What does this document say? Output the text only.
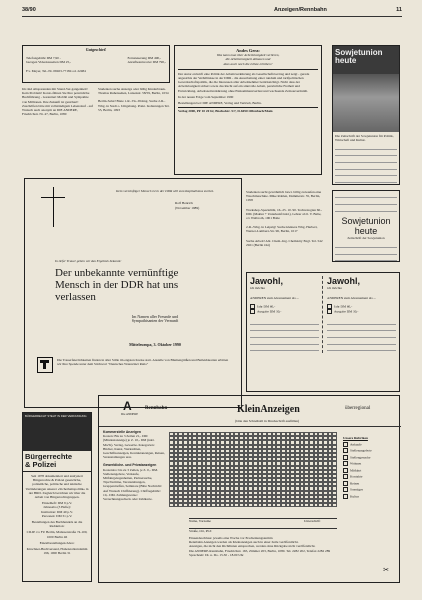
38/90	Anzeigen/Rennbahn	11
Gutgeschiet!
Telefongebühr DM 7,90 -
bezogen Videokassetten DM 25,-
Fernsteuerung DM 490,-
Anrufbeantworter DM 790,-
F.v. Meyer, Tel.-Nr. 06923-77184 od. 22484
Im rind Altsparenden mit Stand-Ver-gangenheit! Kein Problem! Konto-führen Sie Ihre persönliche Buchführung - Garantiert Mobbil und Sympathie von Millionen. Ihre Zukunft ist gesichert! Zuschriften bitte mit vollständigem Lebenslauf - auf Wunsch auch anonym an DIE ANDERE, Friedrichstr. Nr. 47, Berlin, 1080
Studenten suche Anzeiga oder billig Kinderbrauk. Thomas Ruhensehen, Luisenstr. 58/59, Berlin, 1034
Berlin-Salut! Biete 1-R.-Vk.-Wohng. Suche 2-R.-Whg. in Stadt o. Umgebung. Prakt. Isolierungen Tel. 55, Berlin, 1093
Andes Gera:
Was kann man über Arbeitslosigkeit verlieren,
die Arbeitslosigkeit abbauen und
dass auch noch die Löhne erhöhen?
Der Autor entwirft eine Politik der Arbeitsverkürzung als Gesellschaftsvertrag und zeigt - gerade angesichts der Verhältnisse in der DDR - die Ausarbeitung einer rundum und tarifpolitischen Gewerkschaftspolitik, die die Interessen aller Arbeitnehmer berücksichtigt. Nicht dass der Arbeitslosigkeit sichert sowie das Recht auf ein sinnvolle Arbeit, persönliche Freiheit und Entwicklung. Arbeitszeitverkürzung ohne Einkommensverlust und wachsende Zeitsouveränität.
In der neuen Folge vom September 1990
Bestellungen bei: DIE ANDERE, Verlag und Vertrieb, Berlin.
Verlag 2000, PF 10 20 62, Bischofstr. 5/7, D-6050 Offenbach/Main
Sowjetunion heute
Die Zeitschrift der Sowjetunion für Politik, Wirtschaft und Kultur.
Studenten sucht gewöhnlich bewi. billig zu kaufen eine Waschmaschine. Mike Rohlen, Dammerstr. 35, Berlin, 1058
Workshop-Spezialität, 16.-25. 10. 90. Technologien 60.- DM. (Makler + Unterkunft inkl.), Lehrer ab 6. V. Balte, c/o Walbroth, 1901 Balte
2-R.-Whg. in Leipzig! Suche kleinere Whg. Herbert, Werner-Lamberz-Str. 96, Berlin, 1017
Suche Arbeit! Abt. Chem.-Ing. Chemistry Engl. Tel. 542 2921 (Berlin Ost)
Sowjetunion heute
Zeitschrift der Sowjetunion
Kein vernünftiger Mensch ist in der DDR will zum Kapitalismus zurück.
Rolf Henrich
(November 1989)
In tiefer Trauer geben wir das Ergebnis bekannt:
Der unbekannte vernünftige
Mensch in der DDR hat uns
verlassen
Im Namen aller Freunde und
Sympathisanten der Vernunft
Mitteleuropa, 3. Oktober 1990
Die Trauerfeierlichkeiten finden in aller Stille im engsten Kreise statt. Anstelle von Blumengrüßen und Beileidskarten erbitten wir Ihre Spende unter dem Stichwort "Deutsches Waterzinzt Ratio"
Jawohl,
ich möchte
ANDEREN zum Abonnement als ...
Jahr DM 60,-
Ausgabe DM 30,-
Jawohl,
ich möchte
ANDEREN zum Abonnement als ...
Jahr DM 60,-
Ausgabe DM 30,-
BÜRGERRECHT STEHT IN DER VERFASSUNG
Bürgerrechte
& Polizei
Seit 1978 dokumentiert und analysiert Bürgerrechte & Polizei gesetzliche, polizeiliche, politische und taktische Veränderungen unserer »Sicherheitspolitik« in der BRD. Zugleich berichten wir über die Arbeit von Bürgerrechtsgruppen.
Einzelheft: DM 9 p.V.
Jahresabo (3 Hefte):
Institution: DM 40 p.V.
Personen: DM 31 p.V.
Bestellungen des Buchhandels an die Redaktion:
CILIP c/o FU Berlin, Malteserstraße 74-100, 1000 Berlin 46
Einzelbestellungen/Abos:
Kirschner-Buchversand, Hohenzollerndamm 196, 1000 Berlin 31
A
Die ANDERE
Rennbahn	KleinAnzeigen	überregional
(bitte den Schreibstil in Druckschrift ausfüllen)
Kommerzielle Anzeigen
Kosten: Bis zu 3 Zeilen 21,- DM (Mindestanzeige) je Z. 10,- DM (inkl. MwSt). Verlag, Gewerbe. Kategorien: Bücher, Kunst, Werkstätten, Geschäftsanzeigen, Kontaktanzeigen, Reisen, Veranstaltungen usw.
Gewerbliche- und Privatanzeigen
Kostenlos: bis zu 3 Zeilen, je Z. 0,- DM. Stellenangebote, Verkaufe, Mitfahrgelegenheiten, Partnersuche, Tips/Termine, Veranstaltungen, Gruppentreffen, Seminare (Bitte Nachricht: Auf Wunsch Chiffrierung). Chiffregebühr: 10,- DM. Zahlungsweise: Verrechnungsscheck oder Zahlkarte.
Name, Vorname	Unterschrift
Straße, Ort, PLZ
Einsendeschluss: jeweils eine Woche vor Erscheinungstermin
Rennbahn Anzeigen werden als Kleinanzeigen auch in einer Zeile veröffentlicht.
Anzeigen, die nicht den Richtlinien entsprechen, werden ohne Rückgabe nicht veröffentlicht.
Die ANDERE-Rennbahn, Friedrichstr. 165, Zimmer 203, Berlin, 1080. Tel. 2282 202, Telefax 2282 289
Sprechzeit: Di. u. Do. 15.30 - 18.00 Uhr
Unsere Rubriken
Ankaufe
Stellenangebote
Stellengesuche
Wohnen
Mitfahrt
Kontakte
Reisen
Sonstiges
Kultur
✂
